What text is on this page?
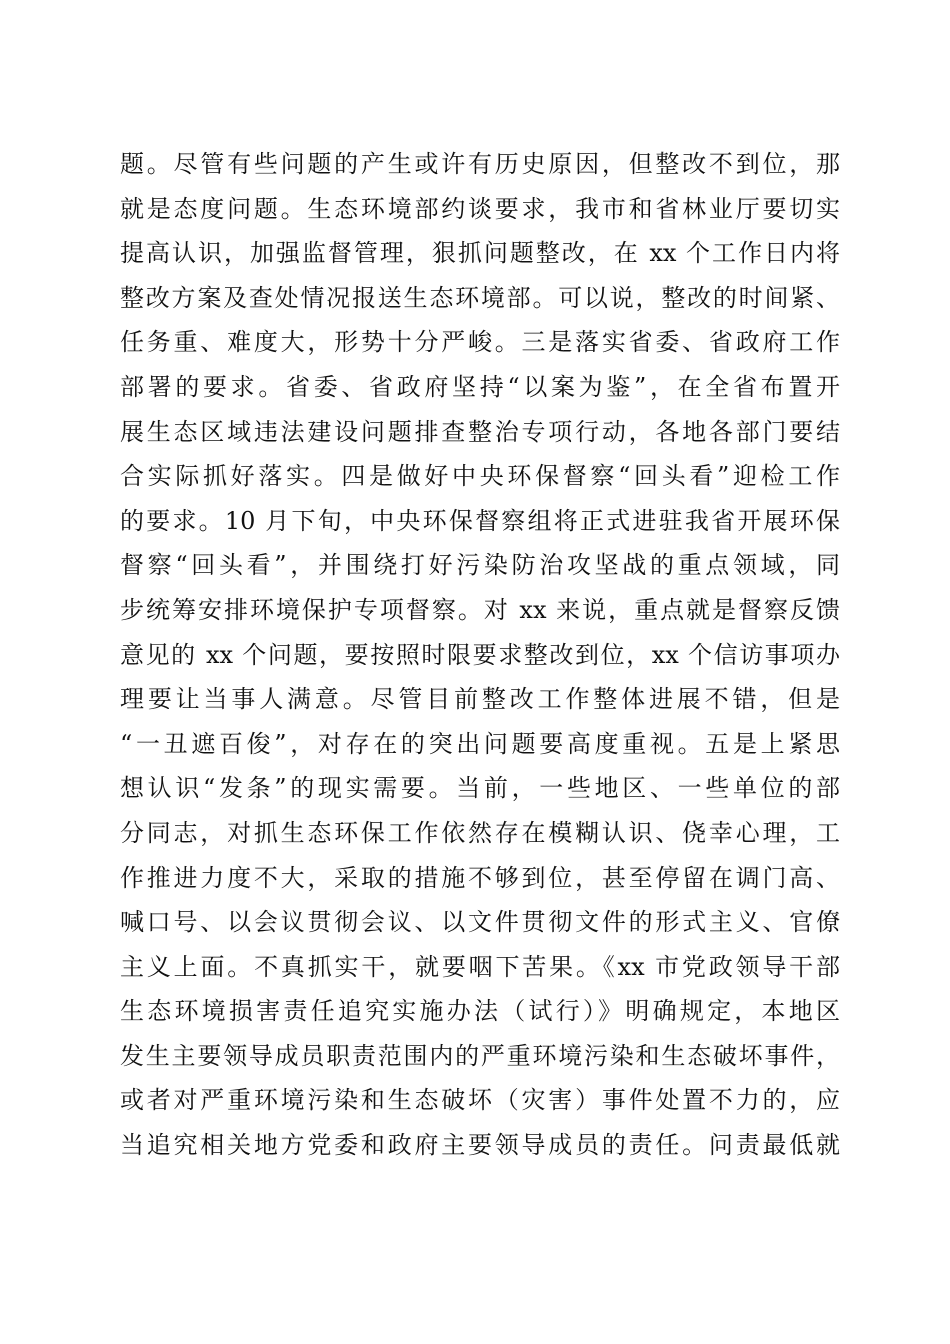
题。尽管有些问题的产生或许有历史原因，但整改不到位，那
就是态度问题。生态环境部约谈要求，我市和省林业厅要切实
提高认识，加强监督管理，狠抓问题整改，在 xx 个工作日内将
整改方案及查处情况报送生态环境部。可以说，整改的时间紧、
任务重、难度大，形势十分严峻。三是落实省委、省政府工作
部署的要求。省委、省政府坚持“以案为鉴”，在全省布置开
展生态区域违法建设问题排查整治专项行动，各地各部门要结
合实际抓好落实。四是做好中央环保督察“回头看”迎检工作
的要求。10 月下旬，中央环保督察组将正式进驻我省开展环保
督察“回头看”，并围绕打好污染防治攻坚战的重点领域，同
步统筹安排环境保护专项督察。对 xx 来说，重点就是督察反馈
意见的 xx 个问题，要按照时限要求整改到位，xx 个信访事项办
理要让当事人满意。尽管目前整改工作整体进展不错，但是
“一丑遮百俊”，对存在的突出问题要高度重视。五是上紧思
想认识“发条”的现实需要。当前，一些地区、一些单位的部
分同志，对抓生态环保工作依然存在模糊认识、侥幸心理，工
作推进力度不大，采取的措施不够到位，甚至停留在调门高、
喊口号、以会议贯彻会议、以文件贯彻文件的形式主义、官僚
主义上面。不真抓实干，就要咽下苦果。《xx 市党政领导干部
生态环境损害责任追究实施办法（试行）》明确规定，本地区
发生主要领导成员职责范围内的严重环境污染和生态破坏事件，
或者对严重环境污染和生态破坏（灾害）事件处置不力的，应
当追究相关地方党委和政府主要领导成员的责任。问责最低就
